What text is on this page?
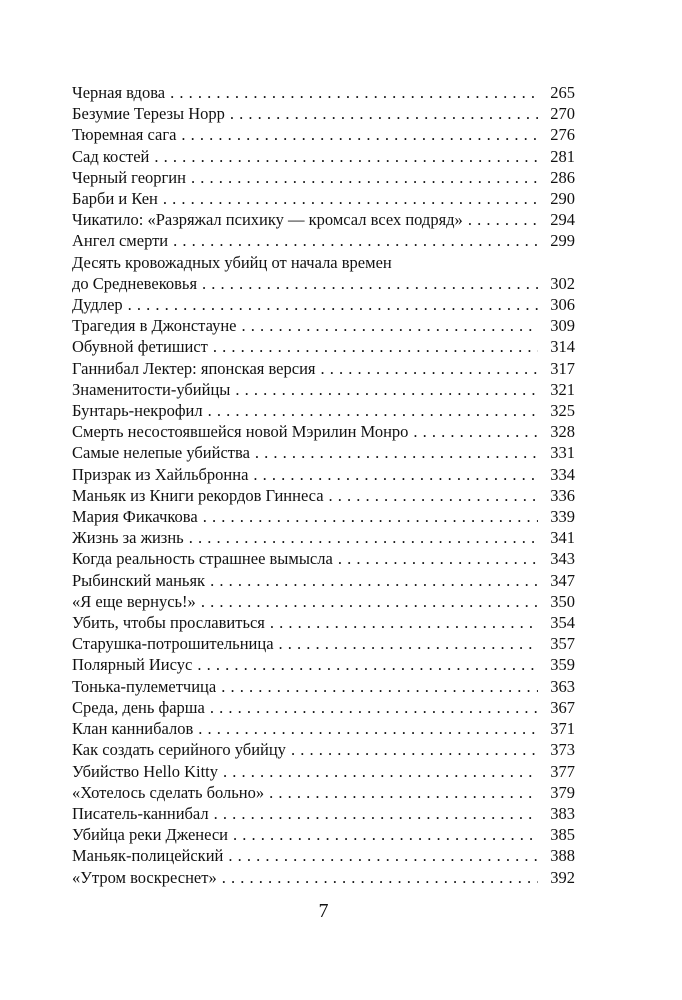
Черная вдова . . .	265
Безумие Терезы Норр . . .	270
Тюремная сага . . .	276
Сад костей . . .	281
Черный георгин . . .	286
Барби и Кен . . .	290
Чикатило: «Разряжал психику — кромсал всех подряд» . . .	294
Ангел смерти . . .	299
Десять кровожадных убийц от начала времен
до Средневековья . . .	302
Дудлер . . .	306
Трагедия в Джонстауне . . .	309
Обувной фетишист . . .	314
Ганнибал Лектер: японская версия . . .	317
Знаменитости-убийцы . . .	321
Бунтарь-некрофил . . .	325
Смерть несостоявшейся новой Мэрилин Монро . . .	328
Самые нелепые убийства . . .	331
Призрак из Хайльбронна . . .	334
Маньяк из Книги рекордов Гиннеса . . .	336
Мария Фикачкова . . .	339
Жизнь за жизнь . . .	341
Когда реальность страшнее вымысла . . .	343
Рыбинский маньяк . . .	347
«Я еще вернусь!» . . .	350
Убить, чтобы прославиться . . .	354
Старушка-потрошительница . . .	357
Полярный Иисус . . .	359
Тонька-пулеметчица . . .	363
Среда, день фарша . . .	367
Клан каннибалов . . .	371
Как создать серийного убийцу . . .	373
Убийство Hello Kitty . . .	377
«Хотелось сделать больно» . . .	379
Писатель-каннибал . . .	383
Убийца реки Дженеси . . .	385
Маньяк-полицейский . . .	388
«Утром воскреснет» . . .	392
7
